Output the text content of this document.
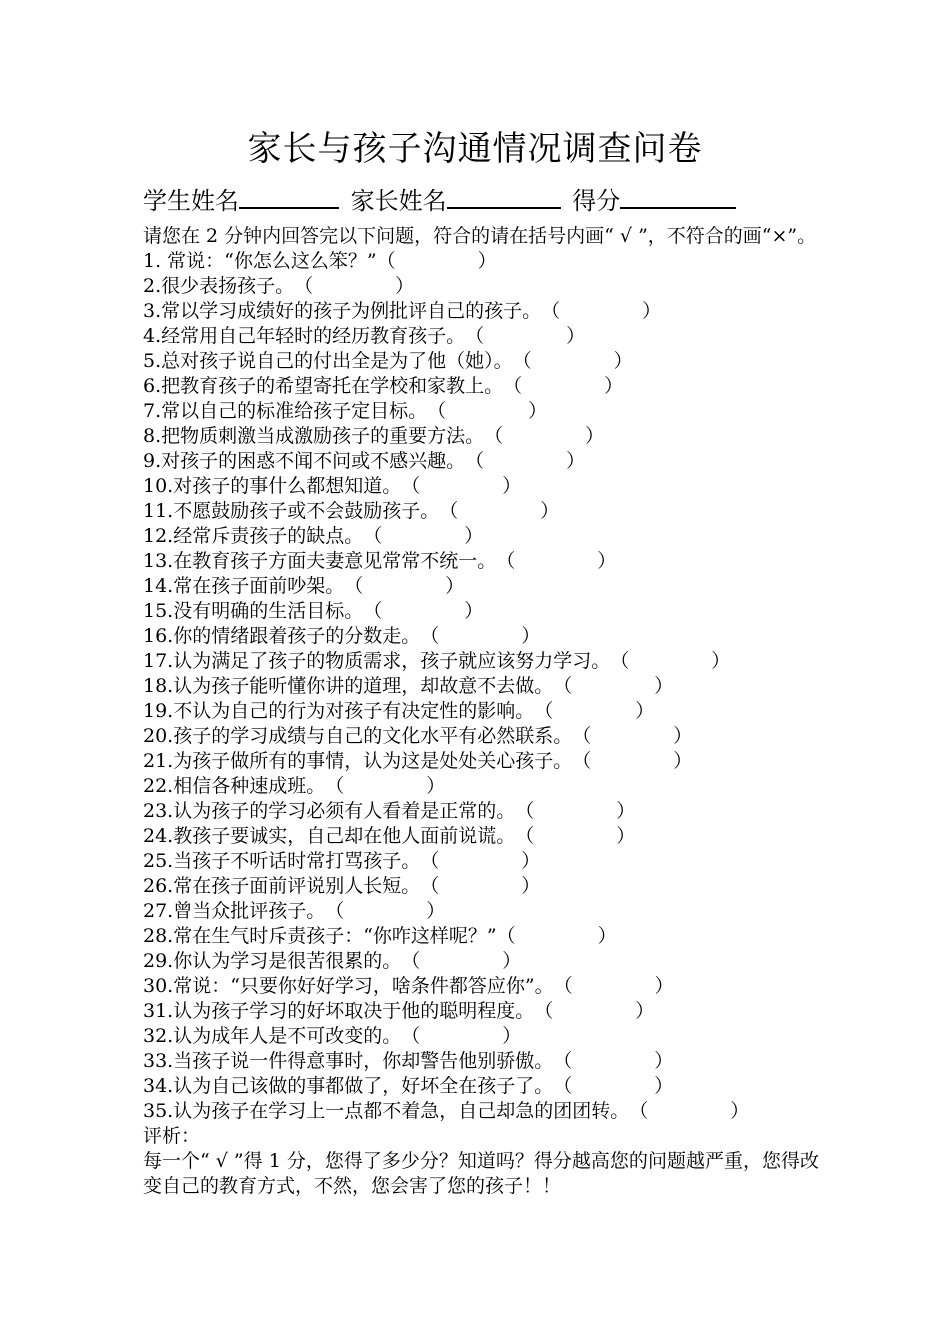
家长与孩子沟通情况调查问卷
学生姓名	家长姓名	得分
请您在 2 分钟内回答完以下问题，符合的请在括号内画“ √ ”，不符合的画“×”。
1. 常说：“你怎么这么笨？”（	）
2.很少表扬孩子。（	）
3.常以学习成绩好的孩子为例批评自己的孩子。（	）
4.经常用自己年轻时的经历教育孩子。（	）
5.总对孩子说自己的付出全是为了他（她）。（	）
6.把教育孩子的希望寄托在学校和家教上。（	）
7.常以自己的标准给孩子定目标。（	）
8.把物质刺激当成激励孩子的重要方法。（	）
9.对孩子的困惑不闻不问或不感兴趣。（	）
10.对孩子的事什么都想知道。（	）
11.不愿鼓励孩子或不会鼓励孩子。（	）
12.经常斥责孩子的缺点。（	）
13.在教育孩子方面夫妻意见常常不统一。（	）
14.常在孩子面前吵架。（	）
15.没有明确的生活目标。（	）
16.你的情绪跟着孩子的分数走。（	）
17.认为满足了孩子的物质需求，孩子就应该努力学习。（	）
18.认为孩子能听懂你讲的道理，却故意不去做。（	）
19.不认为自己的行为对孩子有决定性的影响。（	）
20.孩子的学习成绩与自己的文化水平有必然联系。（	）
21.为孩子做所有的事情，认为这是处处关心孩子。（	）
22.相信各种速成班。（	）
23.认为孩子的学习必须有人看着是正常的。（	）
24.教孩子要诚实，自己却在他人面前说谎。（	）
25.当孩子不听话时常打骂孩子。（	）
26.常在孩子面前评说别人长短。（	）
27.曾当众批评孩子。（	）
28.常在生气时斥责孩子：“你咋这样呢？”（	）
29.你认为学习是很苦很累的。（	）
30.常说：“只要你好好学习，啥条件都答应你”。（	）
31.认为孩子学习的好坏取决于他的聪明程度。（	）
32.认为成年人是不可改变的。（	）
33.当孩子说一件得意事时，你却警告他别骄傲。（	）
34.认为自己该做的事都做了，好坏全在孩子了。（	）
35.认为孩子在学习上一点都不着急，自己却急的团团转。（	）
评析：
每一个“ √ ”得 1 分，您得了多少分？知道吗？得分越高您的问题越严重，您得改变自己的教育方式，不然，您会害了您的孩子！！
